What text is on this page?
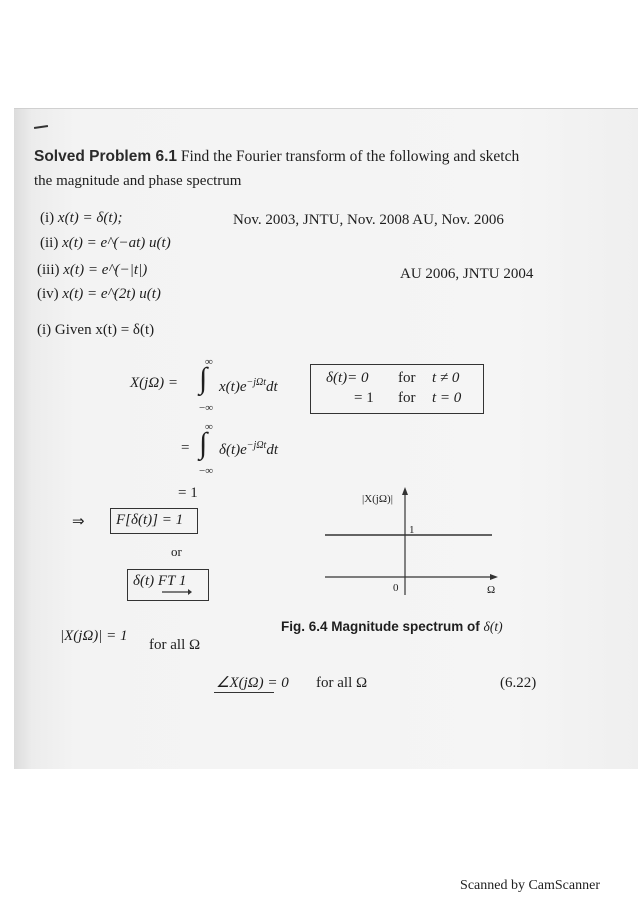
Solved Problem 6.1 Find the Fourier transform of the following and sketch
the magnitude and phase spectrum
(i) x(t) = δ(t);
(ii) x(t) = e^(−at) u(t)
(iii) x(t) = e^(−|t|)
(iv) x(t) = e^(2t) u(t)
Nov. 2003, JNTU, Nov. 2008 AU, Nov. 2006
AU 2006, JNTU 2004
(i) Given x(t) = δ(t)
X(jΩ) =
∞
∫
−∞
$x(t)e^{-j\Omega t}dt$
=
∞
∫
−∞
$\delta(t)e^{-j\Omega t}dt$
= 1
δ(t)= 0 for t ≠ 0
= 1 for t = 0
⇒ F[δ(t)] = 1
or
δ(t) FT 1
|X(jΩ)|
1
0	Ω
Fig. 6.4 Magnitude spectrum of δ(t)
|X(jΩ)| = 1
for all Ω
∠X(jΩ) = 0 for all Ω	(6.22)
Scanned by CamScanner
